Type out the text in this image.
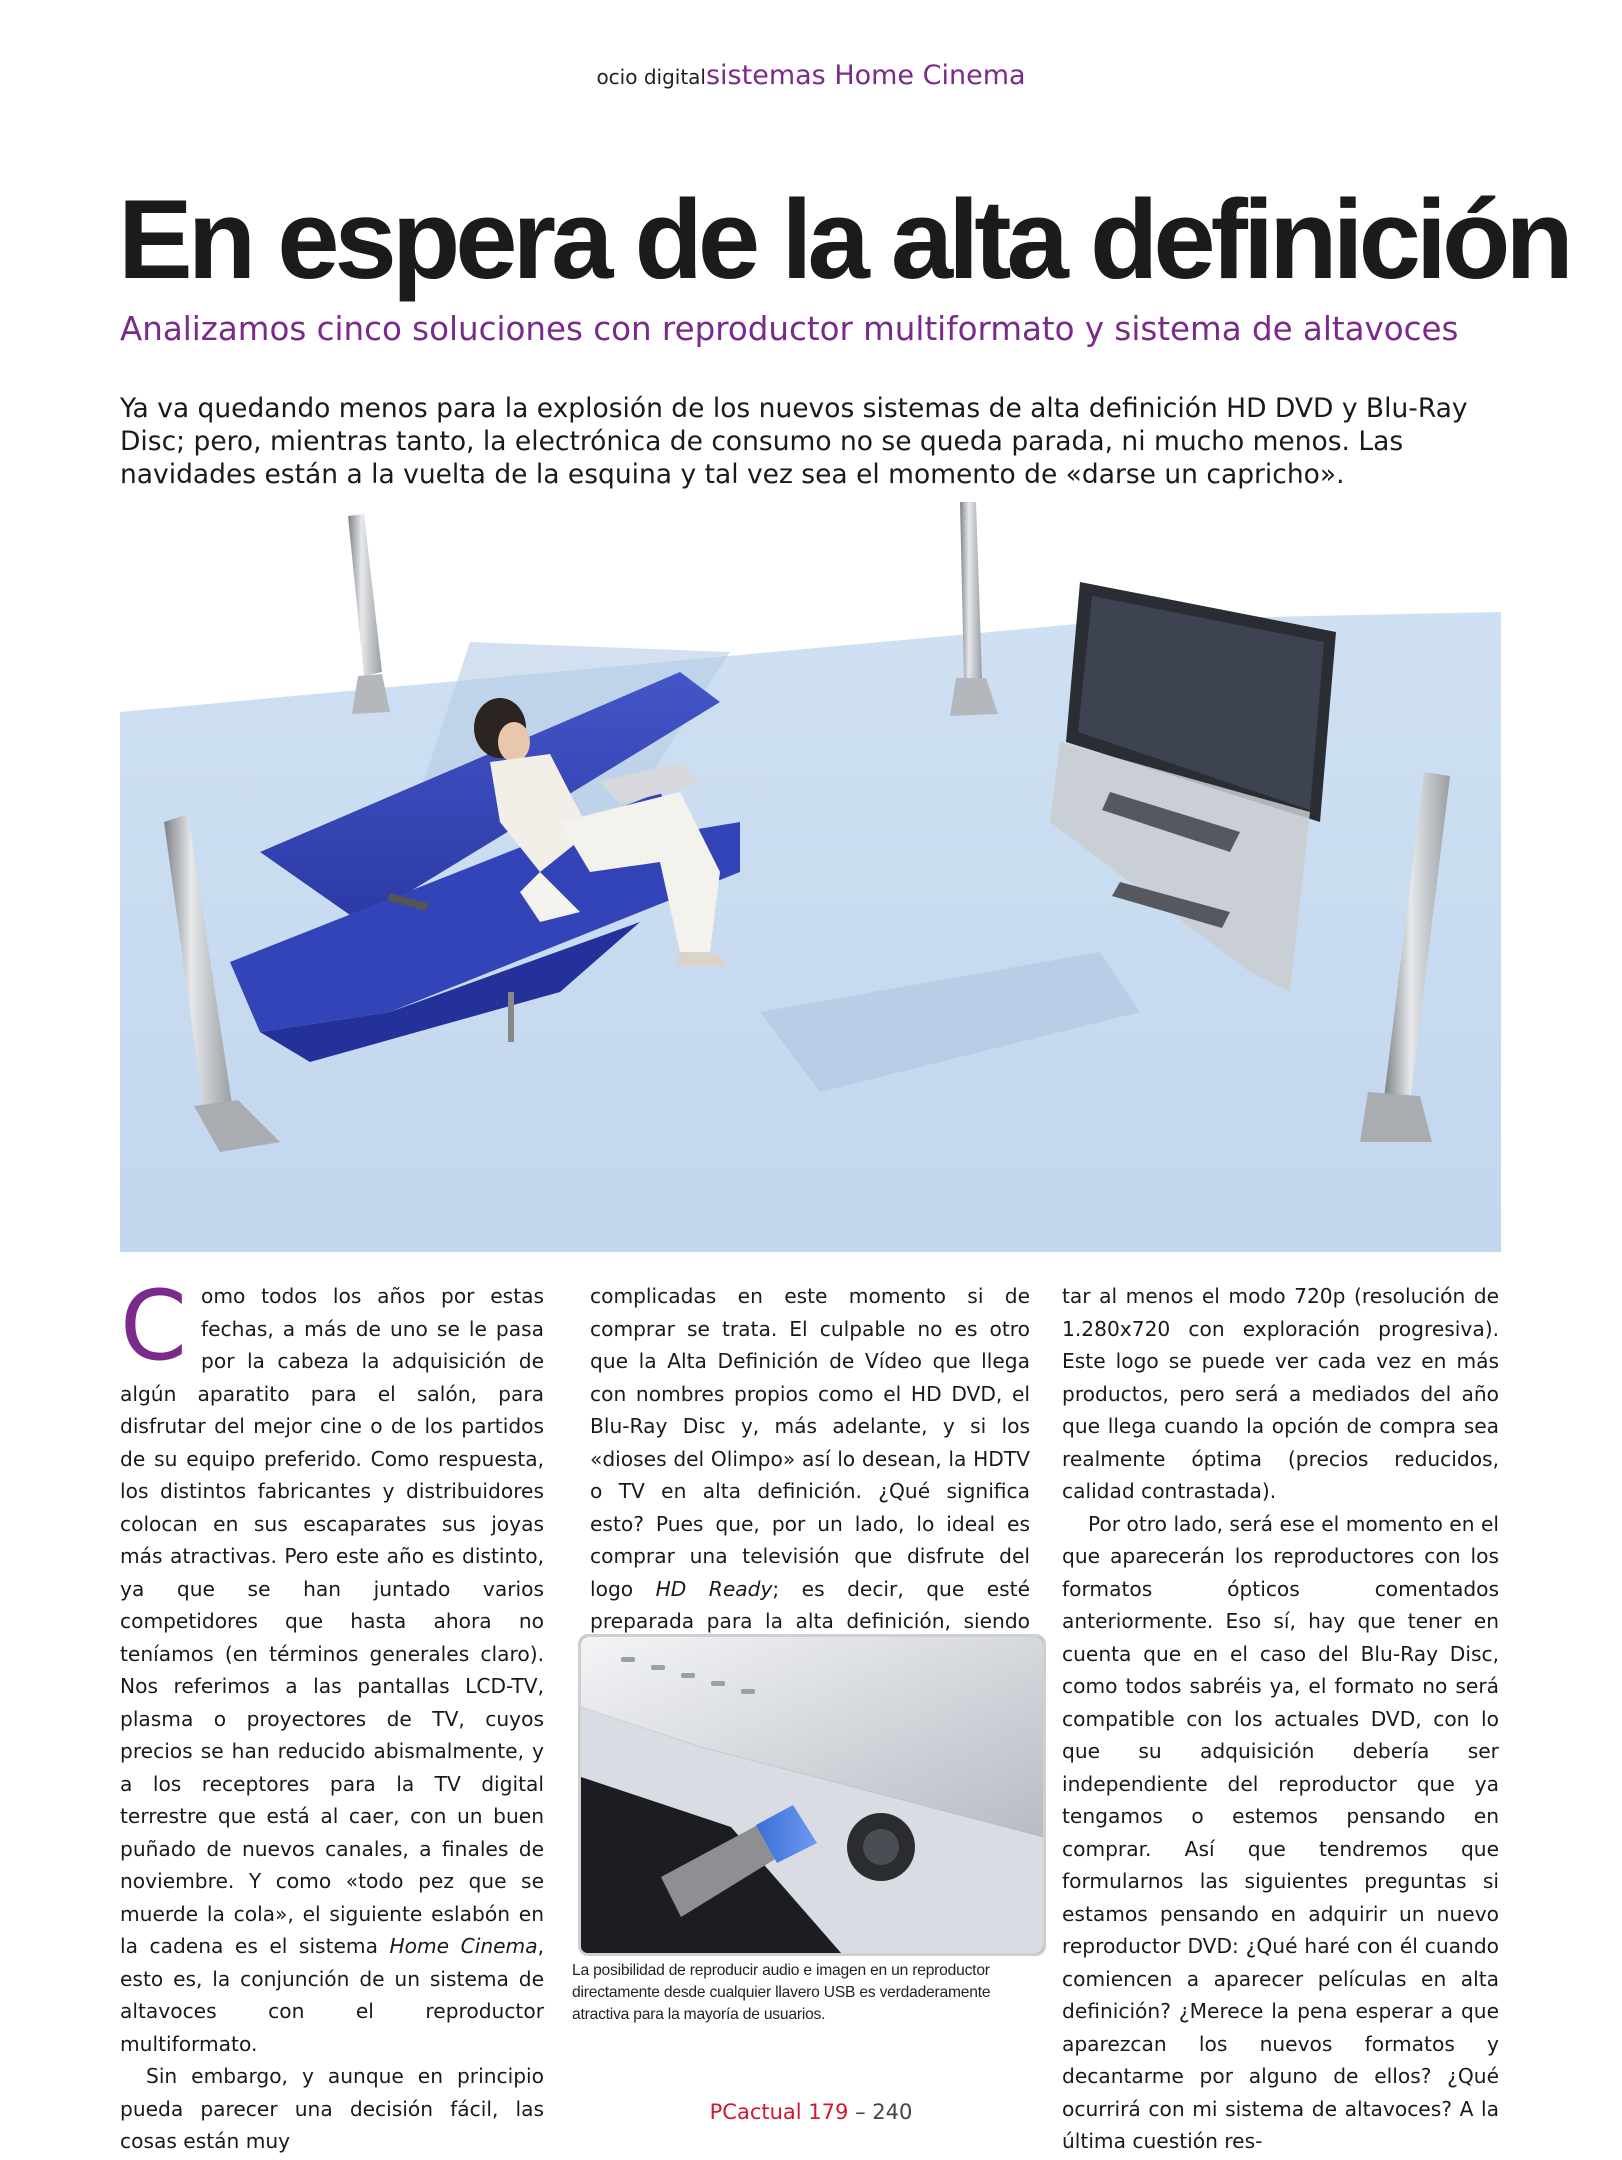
ocio digitalsistemas Home Cinema
En espera de la alta definición
Analizamos cinco soluciones con reproductor multiformato y sistema de altavoces
Ya va quedando menos para la explosión de los nuevos sistemas de alta definición HD DVD y Blu-Ray Disc; pero, mientras tanto, la electrónica de consumo no se queda parada, ni mucho menos. Las navidades están a la vuelta de la esquina y tal vez sea el momento de «darse un capricho».
C omo todos los años por estas fechas, a más de uno se le pasa por la cabeza la adquisición de algún aparatito para el salón, para disfrutar del mejor cine o de los partidos de su equipo preferido. Como respuesta, los distintos fabricantes y distribuidores colocan en sus escaparates sus joyas más atractivas. Pero este año es distinto, ya que se han juntado varios competidores que hasta ahora no teníamos (en términos generales claro). Nos referimos a las pantallas LCD-TV, plasma o proyectores de TV, cuyos precios se han reducido abismalmente, y a los receptores para la TV digital terrestre que está al caer, con un buen puñado de nuevos canales, a finales de noviembre. Y como «todo pez que se muerde la cola», el siguiente eslabón en la cadena es el sistema Home Cinema, esto es, la conjunción de un sistema de altavoces con el reproductor multiformato.

Sin embargo, y aunque en principio pueda parecer una decisión fácil, las cosas están muy

complicadas en este momento si de comprar se trata. El culpable no es otro que la Alta Definición de Vídeo que llega con nombres propios como el HD DVD, el Blu-Ray Disc y, más adelante, y si los «dioses del Olimpo» así lo desean, la HDTV o TV en alta definición. ¿Qué significa esto? Pues que, por un lado, lo ideal es comprar una televisión que disfrute del logo HD Ready; es decir, que esté preparada para la alta definición, siendo

La posibilidad de reproducir audio e imagen en un reproductor directamente desde cualquier llavero USB es verdaderamente atractiva para la mayoría de usuarios.

tar al menos el modo 720p (resolución de 1.280x720 con exploración progresiva). Este logo se puede ver cada vez en más productos, pero será a mediados del año que llega cuando la opción de compra sea realmente óptima (precios reducidos, calidad contrastada).

Por otro lado, será ese el momento en el que aparecerán los reproductores con los formatos ópticos comentados anteriormente. Eso sí, hay que tener en cuenta que en el caso del Blu-Ray Disc, como todos sabréis ya, el formato no será compatible con los actuales DVD, con lo que su adquisición debería ser independiente del reproductor que ya tengamos o estemos pensando en comprar. Así que tendremos que formularnos las siguientes preguntas si estamos pensando en adquirir un nuevo reproductor DVD: ¿Qué haré con él cuando comiencen a aparecer películas en alta definición? ¿Merece la pena esperar a que aparezcan los nuevos formatos y decantarme por alguno de ellos? ¿Qué ocurrirá con mi sistema de altavoces? A la última cuestión res-

PCactual 179 – 240
